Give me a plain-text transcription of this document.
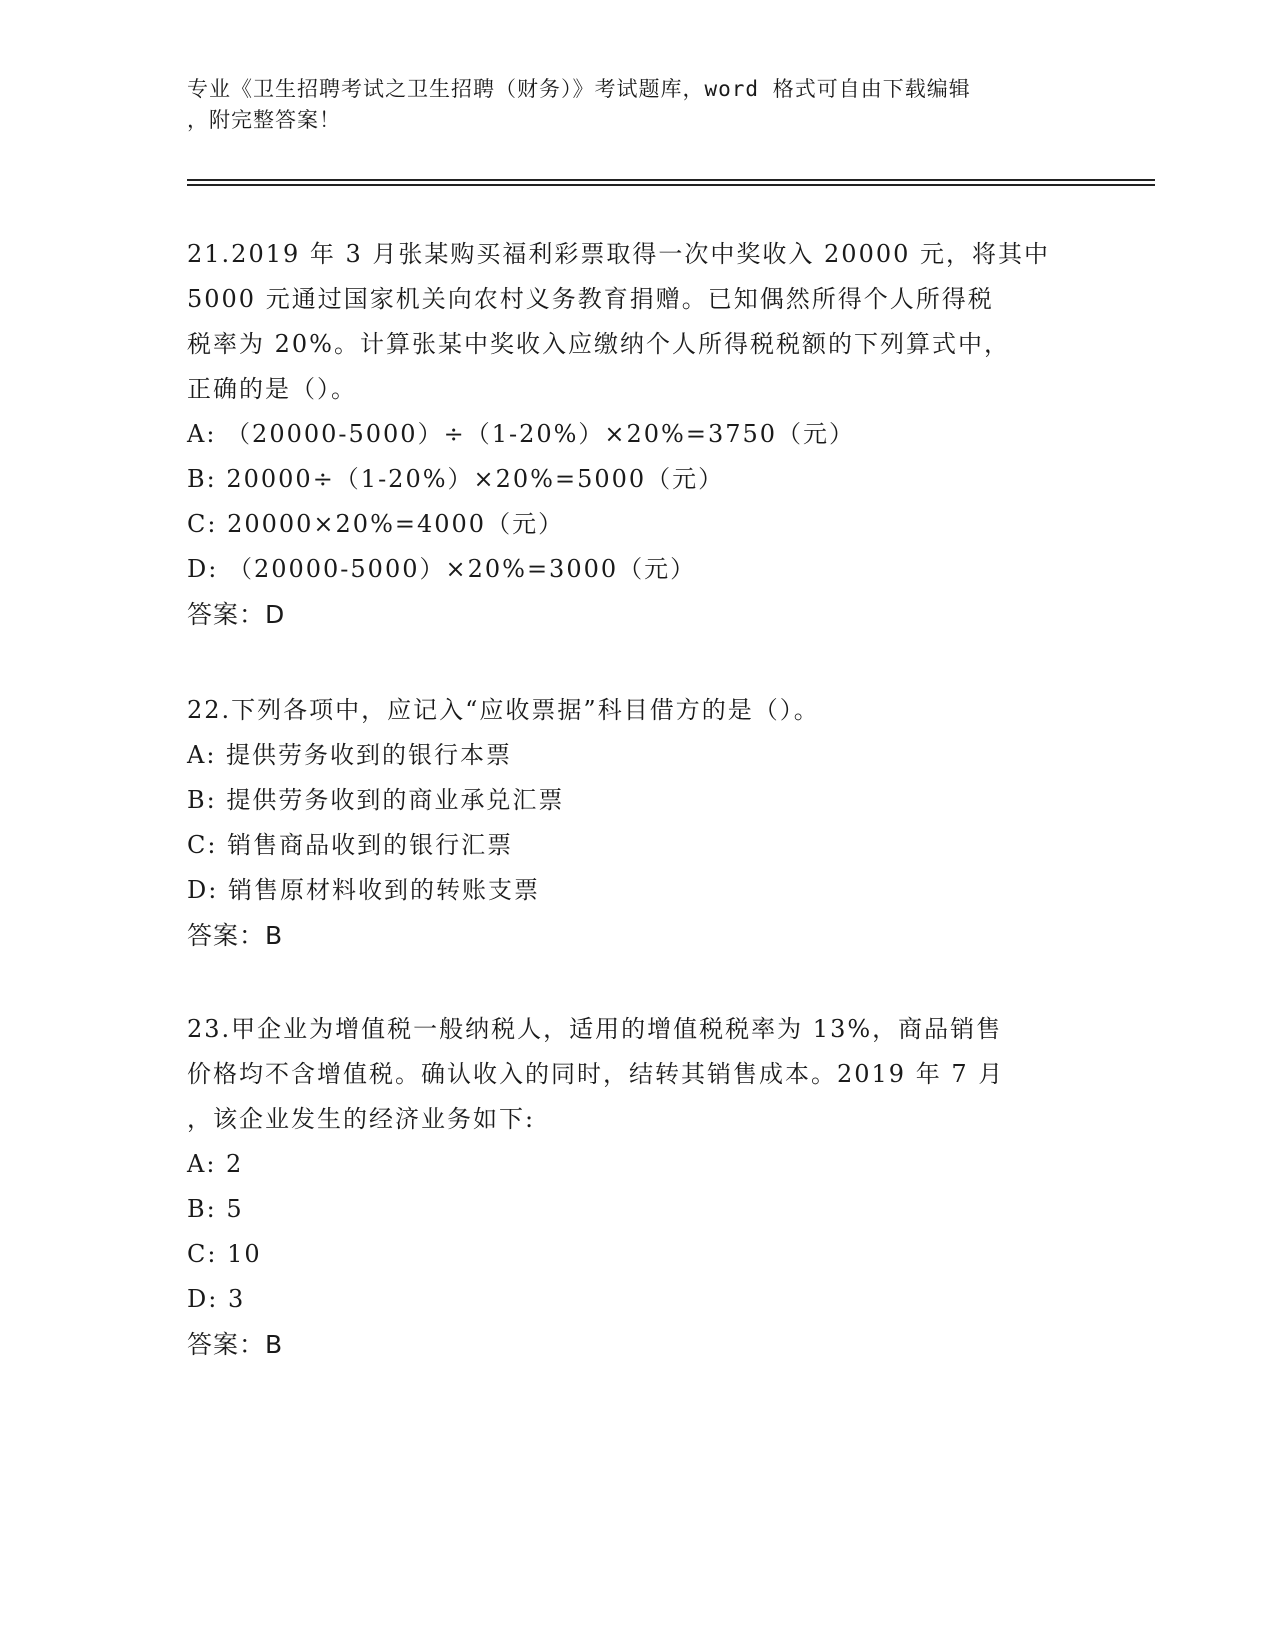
专业《卫生招聘考试之卫生招聘（财务）》考试题库，word 格式可自由下载编辑
，附完整答案！
21.2019 年 3 月张某购买福利彩票取得一次中奖收入 20000 元，将其中
5000 元通过国家机关向农村义务教育捐赠。已知偶然所得个人所得税
税率为 20%。计算张某中奖收入应缴纳个人所得税税额的下列算式中，
正确的是（）。
A: （20000-5000）÷（1-20%）×20%=3750（元）
B: 20000÷（1-20%）×20%=5000（元）
C: 20000×20%=4000（元）
D: （20000-5000）×20%=3000（元）
答案：D
22.下列各项中，应记入“应收票据”科目借方的是（）。
A: 提供劳务收到的银行本票
B: 提供劳务收到的商业承兑汇票
C: 销售商品收到的银行汇票
D: 销售原材料收到的转账支票
答案：B
23.甲企业为增值税一般纳税人，适用的增值税税率为 13%，商品销售
价格均不含增值税。确认收入的同时，结转其销售成本。2019 年 7 月
，该企业发生的经济业务如下:
A: 2
B: 5
C: 10
D: 3
答案：B
